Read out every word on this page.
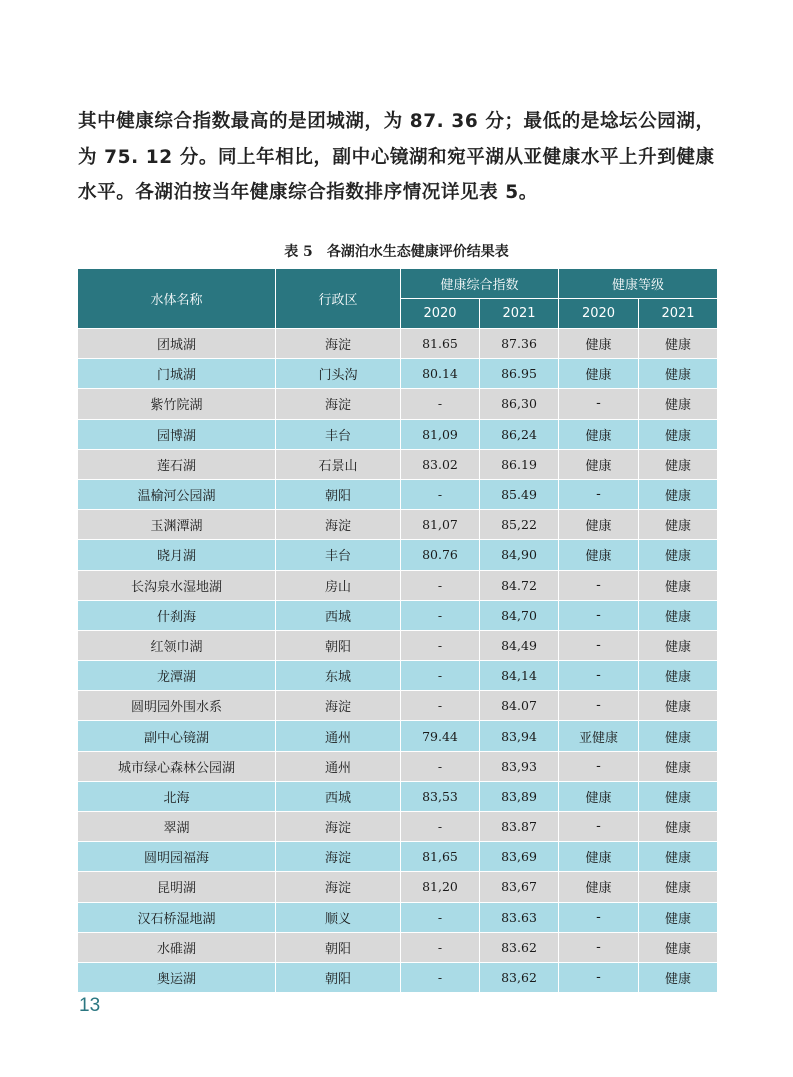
其中健康综合指数最高的是团城湖，为 87. 36 分；最低的是埝坛公园湖，

为 75. 12 分。同上年相比，副中心镜湖和宛平湖从亚健康水平上升到健康

水平。各湖泊按当年健康综合指数排序情况详见表 5。

表 5 各湖泊水生态健康评价结果表
水体名称	行政区	健康综合指数		健康等级	
		2020	2021	2020	2021
团城湖	海淀	81.65	87.36	健康	健康
门城湖	门头沟	80.14	86.95	健康	健康
紫竹院湖	海淀	-	86,30	-	健康
园博湖	丰台	81,09	86,24	健康	健康
莲石湖	石景山	83.02	86.19	健康	健康
温榆河公园湖	朝阳	-	85.49	-	健康
玉渊潭湖	海淀	81,07	85,22	健康	健康
晓月湖	丰台	80.76	84,90	健康	健康
长沟泉水湿地湖	房山	-	84.72	-	健康
什刹海	西城	-	84,70	-	健康
红领巾湖	朝阳	-	84,49	-	健康
龙潭湖	东城	-	84,14	-	健康
圆明园外围水系	海淀	-	84.07	-	健康
副中心镜湖	通州	79.44	83,94	亚健康	健康
城市绿心森林公园湖	通州	-	83,93	-	健康
北海	西城	83,53	83,89	健康	健康
翠湖	海淀	-	83.87	-	健康
圆明园福海	海淀	81,65	83,69	健康	健康
昆明湖	海淀	81,20	83,67	健康	健康
汉石桥湿地湖	顺义	-	83.63	-	健康
水碓湖	朝阳	-	83.62	-	健康
奥运湖	朝阳	-	83,62	-	健康
13
